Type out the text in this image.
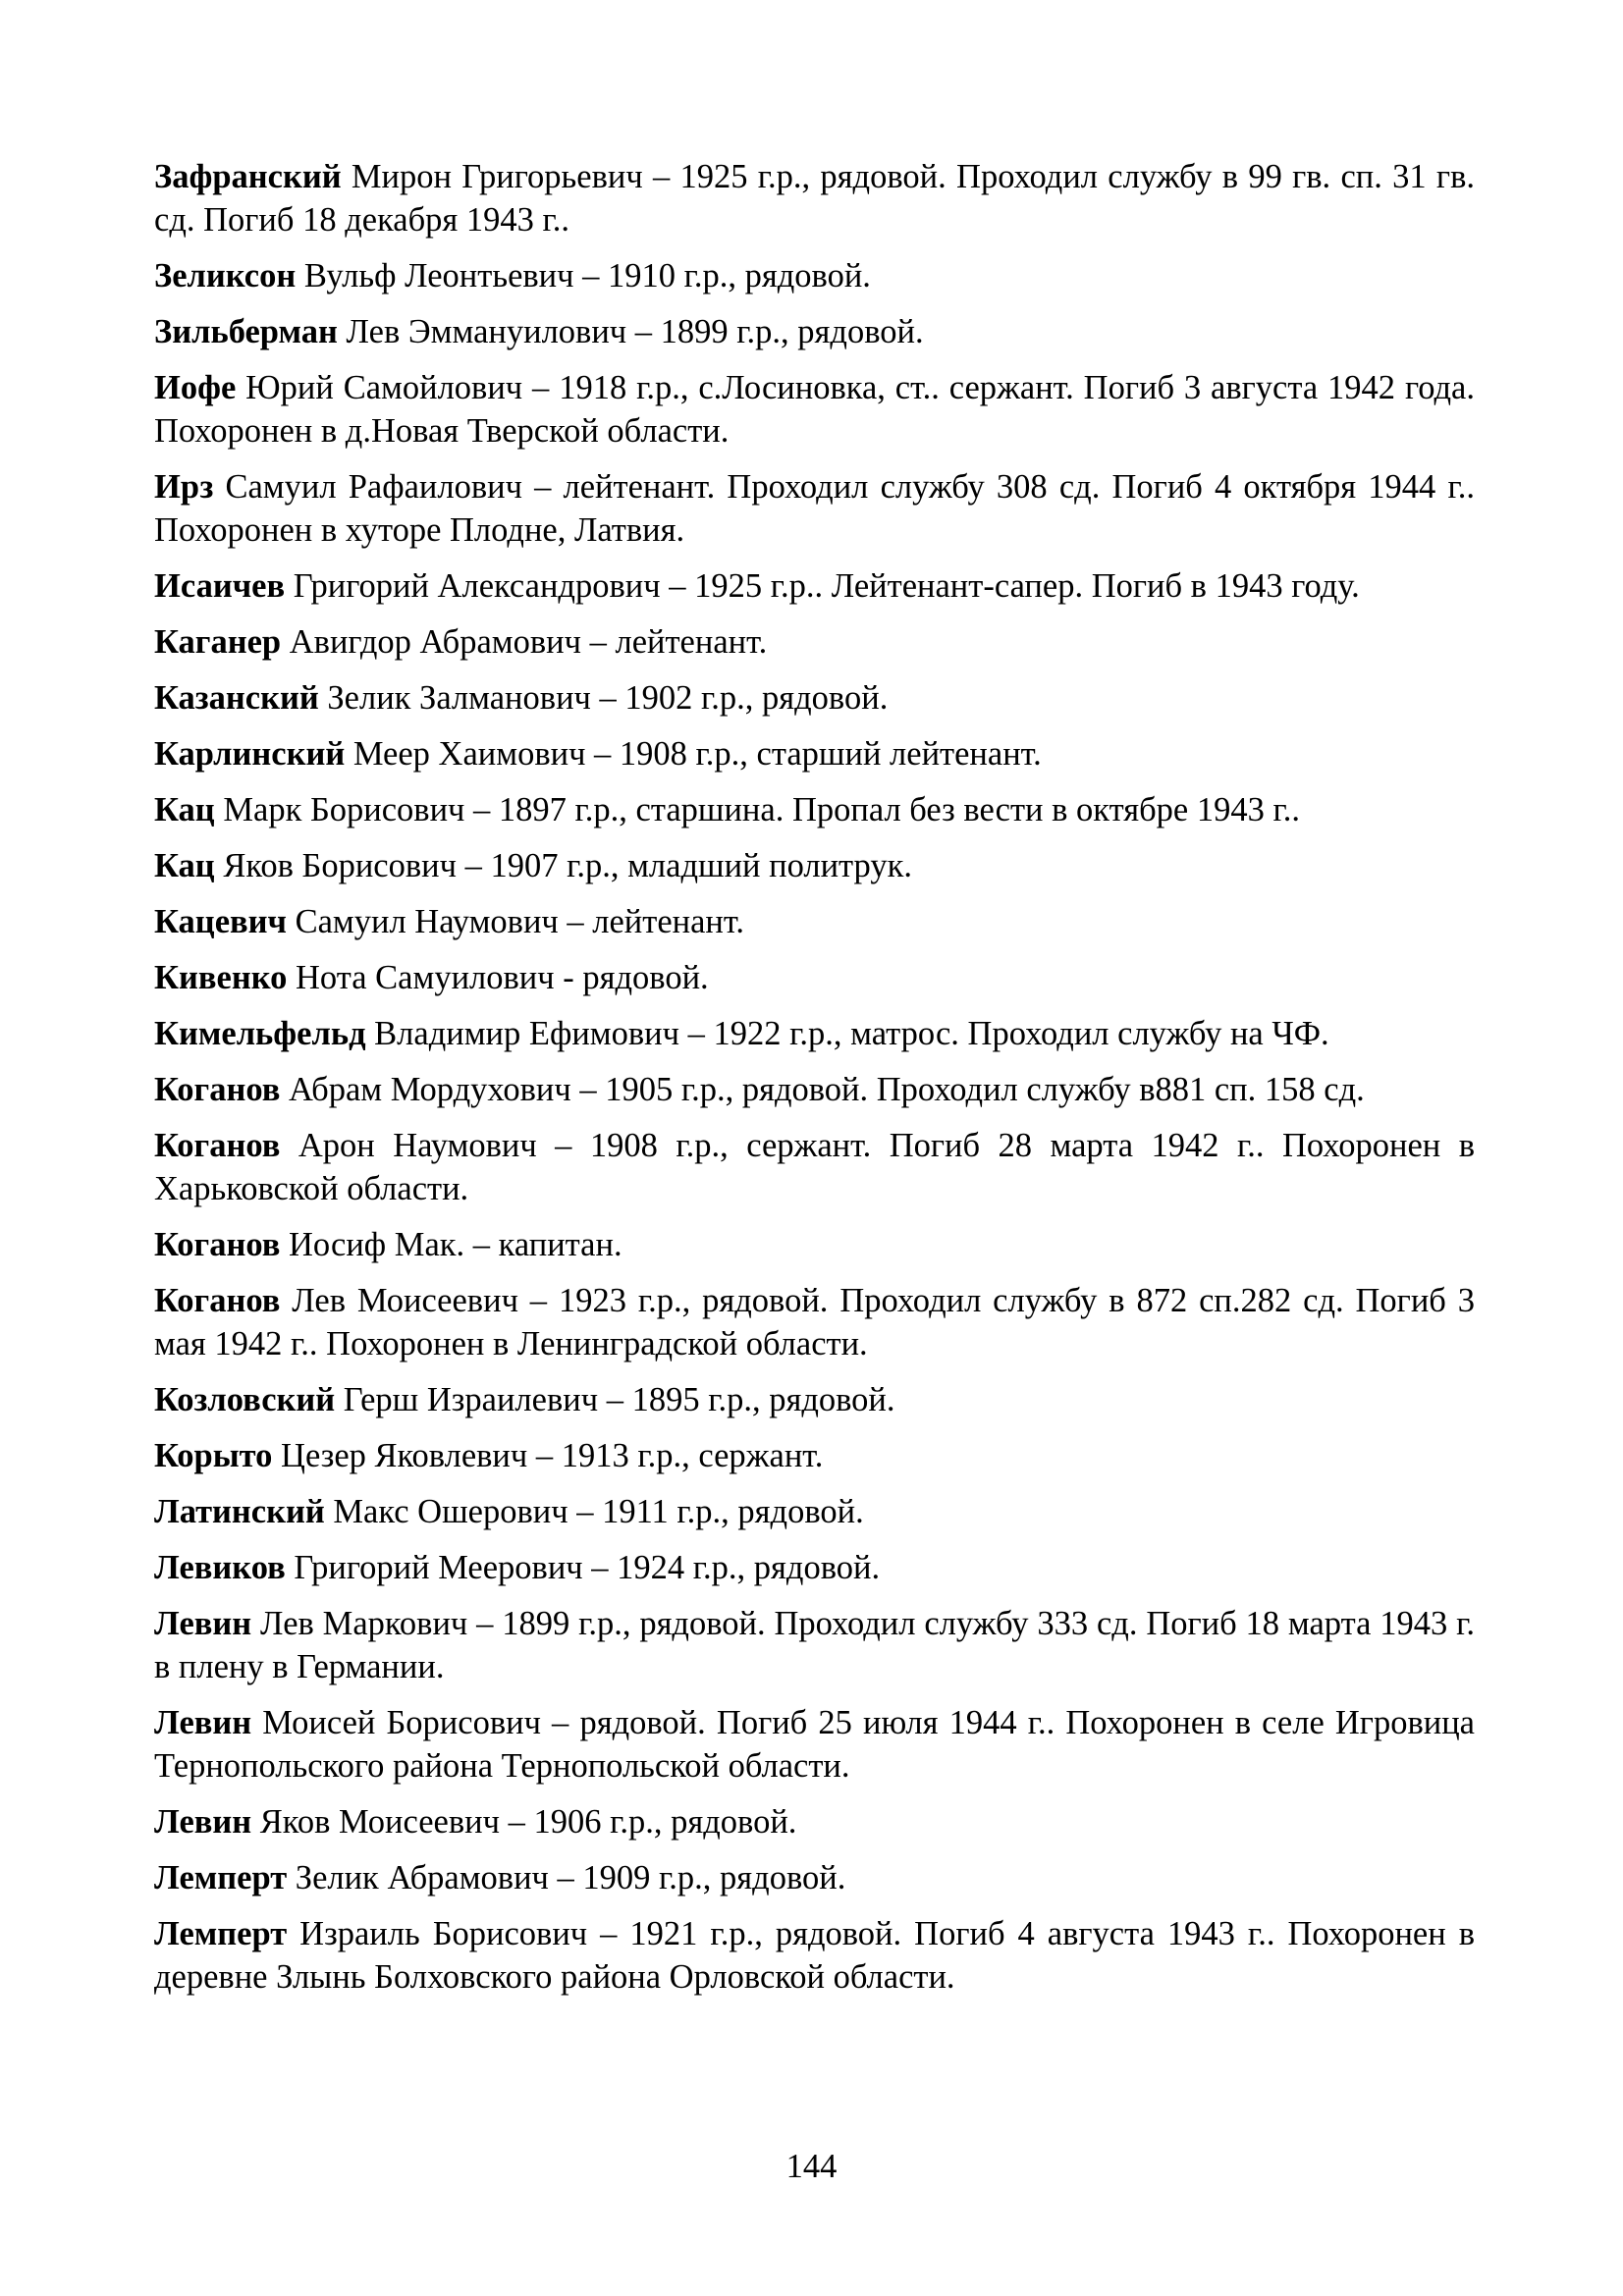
Зафранский Мирон Григорьевич – 1925 г.р., рядовой. Проходил службу в 99 гв. сп. 31 гв. сд. Погиб 18 декабря 1943 г..

Зеликсон Вульф Леонтьевич – 1910 г.р., рядовой.

Зильберман Лев Эммануилович – 1899 г.р., рядовой.

Иофе Юрий Самойлович – 1918 г.р., с.Лосиновка, ст.. сержант. Погиб 3 августа 1942 года. Похоронен в д.Новая Тверской области.

Ирз Самуил Рафаилович – лейтенант. Проходил службу 308 сд. Погиб 4 октября 1944 г.. Похоронен в хуторе Плодне, Латвия.

Исаичев Григорий Александрович – 1925 г.р.. Лейтенант-сапер. Погиб в 1943 году.

Каганер Авигдор Абрамович – лейтенант.

Казанский Зелик Залманович – 1902 г.р., рядовой.

Карлинский Меер Хаимович – 1908 г.р., старший лейтенант.

Кац Марк Борисович – 1897 г.р., старшина. Пропал без вести в октябре 1943 г..

Кац Яков Борисович – 1907 г.р., младший политрук.

Кацевич Самуил Наумович – лейтенант.

Кивенко Нота Самуилович - рядовой.

Кимельфельд Владимир Ефимович – 1922 г.р., матрос. Проходил службу на ЧФ.

Коганов Абрам Мордухович – 1905 г.р., рядовой. Проходил службу в881 сп. 158 сд.

Коганов Арон Наумович – 1908 г.р., сержант. Погиб 28 марта 1942 г.. Похоронен в Харьковской области.

Коганов Иосиф Мак. – капитан.

Коганов Лев Моисеевич – 1923 г.р., рядовой. Проходил службу в 872 сп.282 сд. Погиб 3 мая 1942 г.. Похоронен в Ленинградской области.

Козловский Герш Израилевич – 1895 г.р., рядовой.

Корыто Цезер Яковлевич – 1913 г.р., сержант.

Латинский Макс Ошерович – 1911 г.р., рядовой.

Левиков Григорий Меерович – 1924 г.р., рядовой.

Левин Лев Маркович – 1899 г.р., рядовой. Проходил службу 333 сд. Погиб 18 марта 1943 г. в плену в Германии.

Левин Моисей Борисович – рядовой. Погиб 25 июля 1944 г.. Похоронен в селе Игровица Тернопольского района Тернопольской области.

Левин Яков Моисеевич – 1906 г.р., рядовой.

Лемперт Зелик Абрамович – 1909 г.р., рядовой.

Лемперт Израиль Борисович – 1921 г.р., рядовой. Погиб 4 августа 1943 г.. Похоронен в деревне Злынь Болховского района Орловской области.

144
